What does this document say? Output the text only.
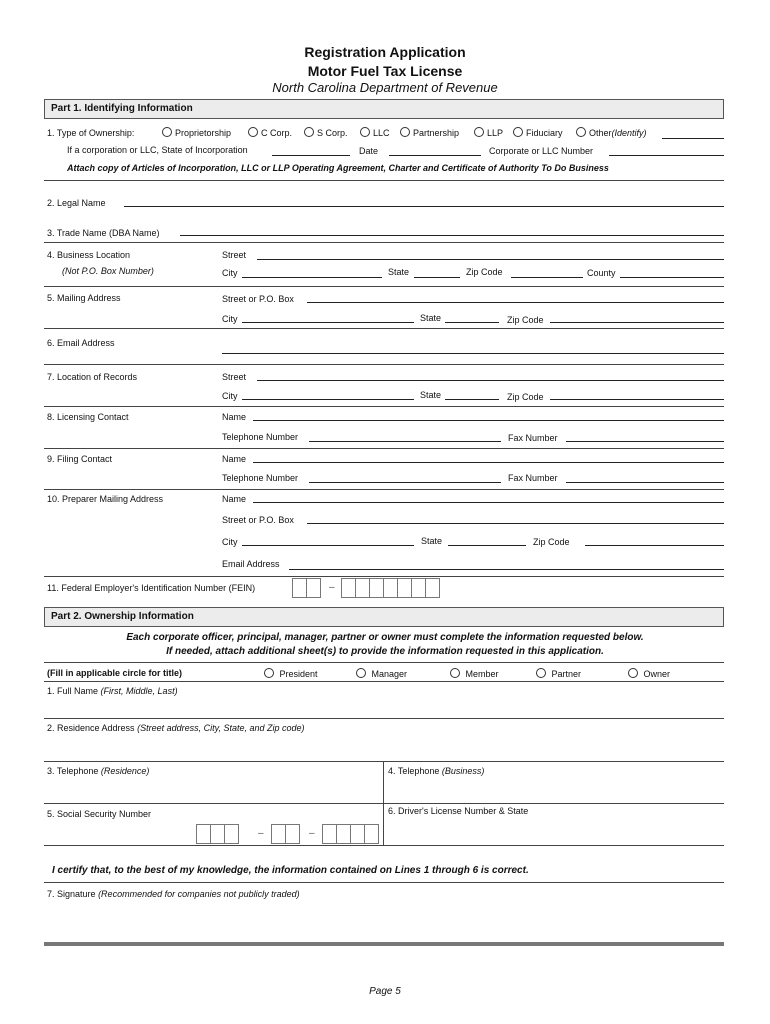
Registration Application
Motor Fuel Tax License
North Carolina Department of Revenue
Part 1. Identifying Information
1. Type of Ownership:	Proprietorship	C Corp.	S Corp.	LLC	Partnership	LLP	Fiduciary	Other(Identify)
If a corporation or LLC, State of Incorporation	Date	Corporate or LLC Number
Attach copy of Articles of Incorporation, LLC or LLP Operating Agreement, Charter and Certificate of Authority To Do Business
2. Legal Name
3. Trade Name (DBA Name)
4. Business Location
(Not P.O. Box Number)
Street
City	State	Zip Code	County
5. Mailing Address	Street or P.O. Box
City	State	Zip Code
6. Email Address
7. Location of Records	Street
City	State	Zip Code
8. Licensing Contact	Name
Telephone Number	Fax Number
9. Filing Contact	Name
Telephone Number	Fax Number
10. Preparer Mailing Address	Name
Street or P.O. Box
City	State	Zip Code
Email Address
11. Federal Employer's Identification Number (FEIN)	–
Part 2. Ownership Information
Each corporate officer, principal, manager, partner or owner must complete the information requested below.
If needed, attach additional sheet(s) to provide the information requested in this application.
(Fill in applicable circle for title)	President	Manager	Member	Partner	Owner
1. Full Name (First, Middle, Last)
2. Residence Address (Street address, City, State, and Zip code)
3. Telephone (Residence)	4. Telephone (Business)
5. Social Security Number
–	–
6. Driver's License Number & State
I certify that, to the best of my knowledge, the information contained on Lines 1 through 6 is correct.
7. Signature (Recommended for companies not publicly traded)
Page 5
